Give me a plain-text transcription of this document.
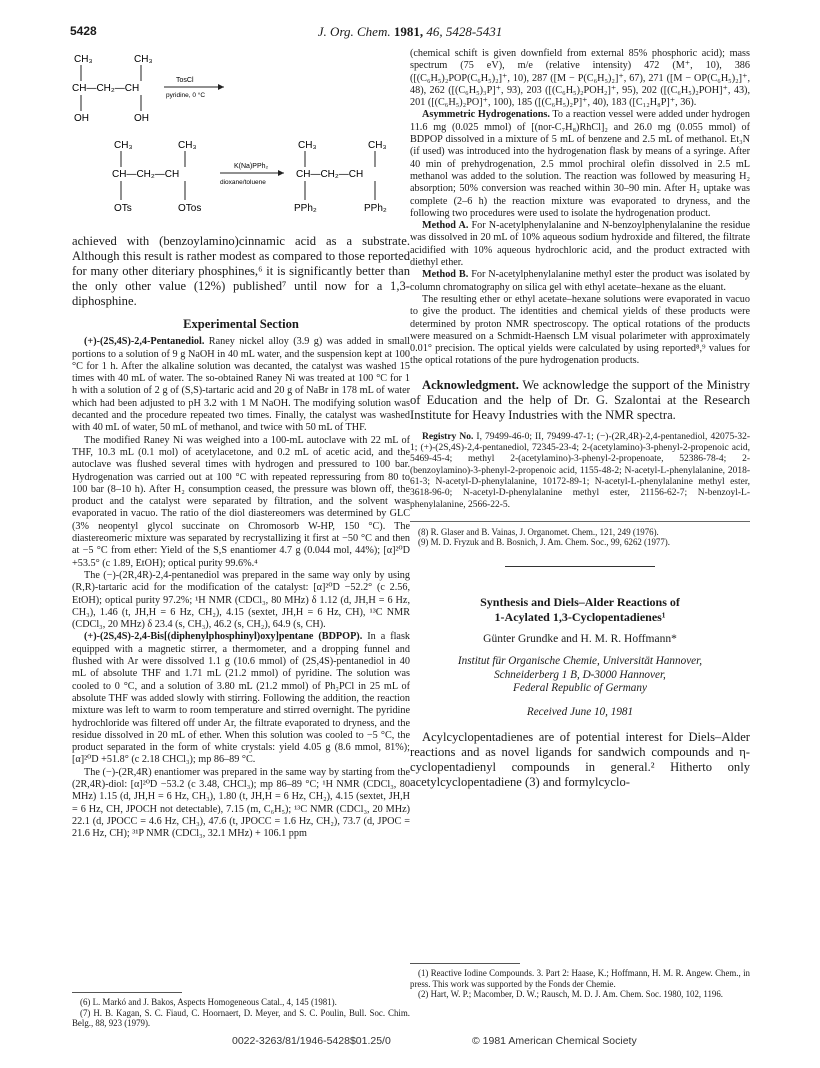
5428	J. Org. Chem. 1981, 46, 5428-5431
CH₃	CH₃
CH—CH₂—CH
OH	OH
TosCl
pyridine, 0 °C
CH₃	CH₃
CH—CH₂—CH
OTs	OTos
K(Na)PPh₂
dioxane/toluene
CH₃	CH₃
CH—CH₂—CH
PPh₂	PPh₂

achieved with (benzoylamino)cinnamic acid as a substrate. Although this result is rather modest as compared to those reported for many other diteriary phosphines,⁶ it is significantly better than the only other value (12%) published⁷ until now for a 1,3-diphosphine.

Experimental Section

(+)-(2S,4S)-2,4-Pentanediol. Raney nickel alloy (3.9 g) was added in small portions to a solution of 9 g NaOH in 40 mL water, and the suspension kept at 100 °C for 1 h. After the alkaline solution was decanted, the catalyst was washed 15 times with 40 mL of water. The so-obtained Raney Ni was treated at 100 °C for 1 h with a solution of 2 g of (S,S)-tartaric acid and 20 g of NaBr in 178 mL of water which had been adjusted to pH 3.2 with 1 M NaOH. The modifying solution was decanted and the procedure repeated two times. Finally, the catalyst was washed with 40 mL of water, 50 mL of methanol, and twice with 50 mL of THF.

The modified Raney Ni was weighed into a 100-mL autoclave with 22 mL of THF, 10.3 mL (0.1 mol) of acetylacetone, and 0.2 mL of acetic acid, and the autoclave was flushed several times with hydrogen and pressured to 100 bar. Hydrogenation was carried out at 100 °C with repeated repressuring from 80 to 100 bar (8–10 h). After H₂ consumption ceased, the pressure was blown off, the product and the catalyst were separated by filtration, and the solvent was evaporated in vacuo. The ratio of the diol diastereomers was determined by GLC (3% neopentyl glycol succinate on Chromosorb W-HP, 150 °C). The diastereomeric mixture was separated by recrystallizing it first at −50 °C and then at −5 °C from ether: Yield of the S,S enantiomer 4.7 g (0.044 mol, 44%); [α]²⁰D +53.5° (c 1.89, EtOH); optical purity 99.6%.⁴

The (−)-(2R,4R)-2,4-pentanediol was prepared in the same way only by using (R,R)-tartaric acid for the modification of the catalyst: [α]²⁰D −52.2° (c 2.56, EtOH); optical purity 97.2%; ¹H NMR (CDCl₃, 80 MHz) δ 1.12 (d, JH,H = 6 Hz, CH₃), 1.46 (t, JH,H = 6 Hz, CH₂), 4.15 (sextet, JH,H = 6 Hz, CH), ¹³C NMR (CDCl₃, 20 MHz) δ 23.4 (s, CH₃), 46.2 (s, CH₂), 64.9 (s, CH).

(+)-(2S,4S)-2,4-Bis[(diphenylphosphinyl)oxy]pentane (BDPOP). In a flask equipped with a magnetic stirrer, a thermometer, and a dropping funnel and flushed with Ar were dissolved 1.1 g (10.6 mmol) of (2S,4S)-pentanediol in 40 mL of absolute THF and 1.71 mL (21.2 mmol) of pyridine. The solution was cooled to 0 °C, and a solution of 3.80 mL (21.2 mmol) of Ph₂PCl in 25 mL of absolute THF was added slowly with stirring. Following the addition, the reaction mixture was left to warm to room temperature and stirred overnight. The pyridine hydrochloride was filtered off under Ar, the filtrate evaporated to dryness, and the residue dissolved in 20 mL of ether. When this solution was cooled to −5 °C, the product separated in the form of white crystals: yield 4.05 g (8.6 mmol, 81%); [α]²⁰D +51.8° (c 2.18 CHCl₃); mp 86–89 °C.

The (−)-(2R,4R) enantiomer was prepared in the same way by starting from the (2R,4R)-diol: [α]²⁰D −53.2 (c 3.48, CHCl₃); mp 86–89 °C; ¹H NMR (CDCl₃, 80 MHz) 1.15 (d, JH,H = 6 Hz, CH₃), 1.80 (t, JH,H = 6 Hz, CH₂), 4.15 (sextet, JH,H = 6 Hz, CH, JPOCH not detectable), 7.15 (m, C₆H₅); ¹³C NMR (CDCl₃, 20 MHz) 22.1 (d, JPOCC = 4.6 Hz, CH₃), 47.6 (t, JPOCC = 1.6 Hz, CH₂), 73.7 (d, JPOC = 21.6 Hz, CH); ³¹P NMR (CDCl₃, 32.1 MHz) + 106.1 ppm

(6) L. Markó and J. Bakos, Aspects Homogeneous Catal., 4, 145 (1981).

(7) H. B. Kagan, S. C. Fiaud, C. Hoornaert, D. Meyer, and S. C. Poulin, Bull. Soc. Chim. Belg., 88, 923 (1979).

(chemical schift is given downfield from external 85% phosphoric acid); mass spectrum (75 eV), m/e (relative intensity) 472 (M⁺, 10), 386 ([(C₆H₅)₂POP(C₆H₅)₂]⁺, 10), 287 ([M − P(C₆H₅)₂]⁺, 67), 271 ([M − OP(C₆H₅)₂]⁺, 48), 262 ([(C₆H₅)₃P]⁺, 93), 203 ([(C₆H₅)₂POH₂]⁺, 95), 202 ([(C₆H₅)₂POH]⁺, 43), 201 ([(C₆H₅)₂PO]⁺, 100), 185 ([(C₆H₅)₂P]⁺, 40), 183 ([C₁₂H₈P]⁺, 36).

Asymmetric Hydrogenations. To a reaction vessel were added under hydrogen 11.6 mg (0.025 mmol) of [(nor-C₇H₈)RhCl]₂ and 26.0 mg (0.055 mmol) of BDPOP dissolved in a mixture of 5 mL of benzene and 2.5 mL of methanol. Et₃N (if used) was introduced into the hydrogenation flask by means of a syringe. After 40 min of prehydrogenation, 2.5 mmol prochiral olefin dissolved in 2.5 mL methanol was added to the solution. The reaction was followed by measuring H₂ absorption; 50% conversion was reached within 30–90 min. After H₂ uptake was complete (2–6 h) the reaction mixture was evaporated to dryness, and the following two procedures were used to isolate the hydrogenation product.

Method A. For N-acetylphenylalanine and N-benzoylphenylalanine the residue was dissolved in 20 mL of 10% aqueous sodium hydroxide and filtered, the filtrate acidified with 10% aqueous hydrochloric acid, and the product extracted with diethyl ether.

Method B. For N-acetylphenylalanine methyl ester the product was isolated by column chromatography on silica gel with ethyl acetate–hexane as the eluant.

The resulting ether or ethyl acetate–hexane solutions were evaporated in vacuo to give the product. The identities and chemical yields of these products were determined by proton NMR spectroscopy. The optical rotations of the products were measured on a Schmidt-Haensch LM visual polarimeter with approximately 0.01° precision. The optical yields were calculated by using reported⁸,⁹ values for the optical rotations of the pure hydrogenation products.

Acknowledgment. We acknowledge the support of the Ministry of Education and the help of Dr. G. Szalontai at the Research Institute for Heavy Industries with the NMR spectra.

Registry No. I, 79499-46-0; II, 79499-47-1; (−)-(2R,4R)-2,4-pentanediol, 42075-32-1; (+)-(2S,4S)-2,4-pentanediol, 72345-23-4; 2-(acetylamino)-3-phenyl-2-propenoic acid, 5469-45-4; methyl 2-(acetylamino)-3-phenyl-2-propenoate, 52386-78-4; 2-(benzoylamino)-3-phenyl-2-propenoic acid, 1155-48-2; N-acetyl-L-phenylalanine, 2018-61-3; N-acetyl-D-phenylalanine, 10172-89-1; N-acetyl-L-phenylalanine methyl ester, 3618-96-0; N-acetyl-D-phenylalanine methyl ester, 21156-62-7; N-benzoyl-L-phenylalanine, 2566-22-5.

(8) R. Glaser and B. Vainas, J. Organomet. Chem., 121, 249 (1976).

(9) M. D. Fryzuk and B. Bosnich, J. Am. Chem. Soc., 99, 6262 (1977).

Synthesis and Diels–Alder Reactions of
1-Acylated 1,3-Cyclopentadienes¹
Günter Grundke and H. M. R. Hoffmann*
Institut für Organische Chemie, Universität Hannover,
Schneiderberg 1 B, D-3000 Hannover,
Federal Republic of Germany
Received June 10, 1981

Acylcyclopentadienes are of potential interest for Diels–Alder reactions and as novel ligands for sandwich compounds and η-cyclopentadienyl compounds in general.² Hitherto only acetylcyclopentadiene (3) and formylcyclo-

(1) Reactive Iodine Compounds. 3. Part 2: Haase, K.; Hoffmann, H. M. R. Angew. Chem., in press. This work was supported by the Fonds der Chemie.

(2) Hart, W. P.; Macomber, D. W.; Rausch, M. D. J. Am. Chem. Soc. 1980, 102, 1196.

0022-3263/81/1946-5428$01.25/0	© 1981 American Chemical Society
